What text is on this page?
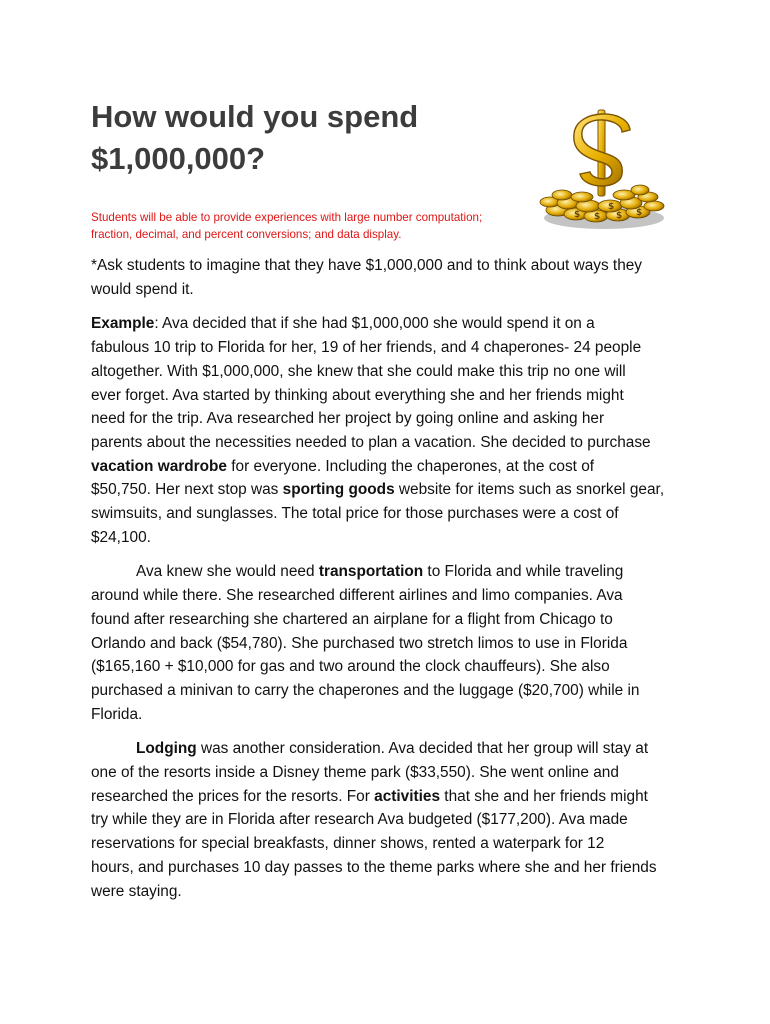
How would you spend
$1,000,000?
Students will be able to provide experiences with large number computation;
fraction, decimal, and percent conversions; and data display.
$ $ $
$
$

*Ask students to imagine that they have $1,000,000 and to think about ways they
would spend it.

Example: Ava decided that if she had $1,000,000 she would spend it on a
fabulous 10 trip to Florida for her, 19 of her friends, and 4 chaperones- 24 people
altogether. With $1,000,000, she knew that she could make this trip no one will
ever forget. Ava started by thinking about everything she and her friends might
need for the trip. Ava researched her project by going online and asking her
parents about the necessities needed to plan a vacation. She decided to purchase
vacation wardrobe for everyone. Including the chaperones, at the cost of
$50,750. Her next stop was sporting goods website for items such as snorkel gear,
swimsuits, and sunglasses. The total price for those purchases were a cost of
$24,100.

Ava knew she would need transportation to Florida and while traveling
around while there. She researched different airlines and limo companies. Ava
found after researching she chartered an airplane for a flight from Chicago to
Orlando and back ($54,780). She purchased two stretch limos to use in Florida
($165,160 + $10,000 for gas and two around the clock chauffeurs). She also
purchased a minivan to carry the chaperones and the luggage ($20,700) while in
Florida.

Lodging was another consideration. Ava decided that her group will stay at
one of the resorts inside a Disney theme park ($33,550). She went online and
researched the prices for the resorts. For activities that she and her friends might
try while they are in Florida after research Ava budgeted ($177,200). Ava made
reservations for special breakfasts, dinner shows, rented a waterpark for 12
hours, and purchases 10 day passes to the theme parks where she and her friends
were staying.
